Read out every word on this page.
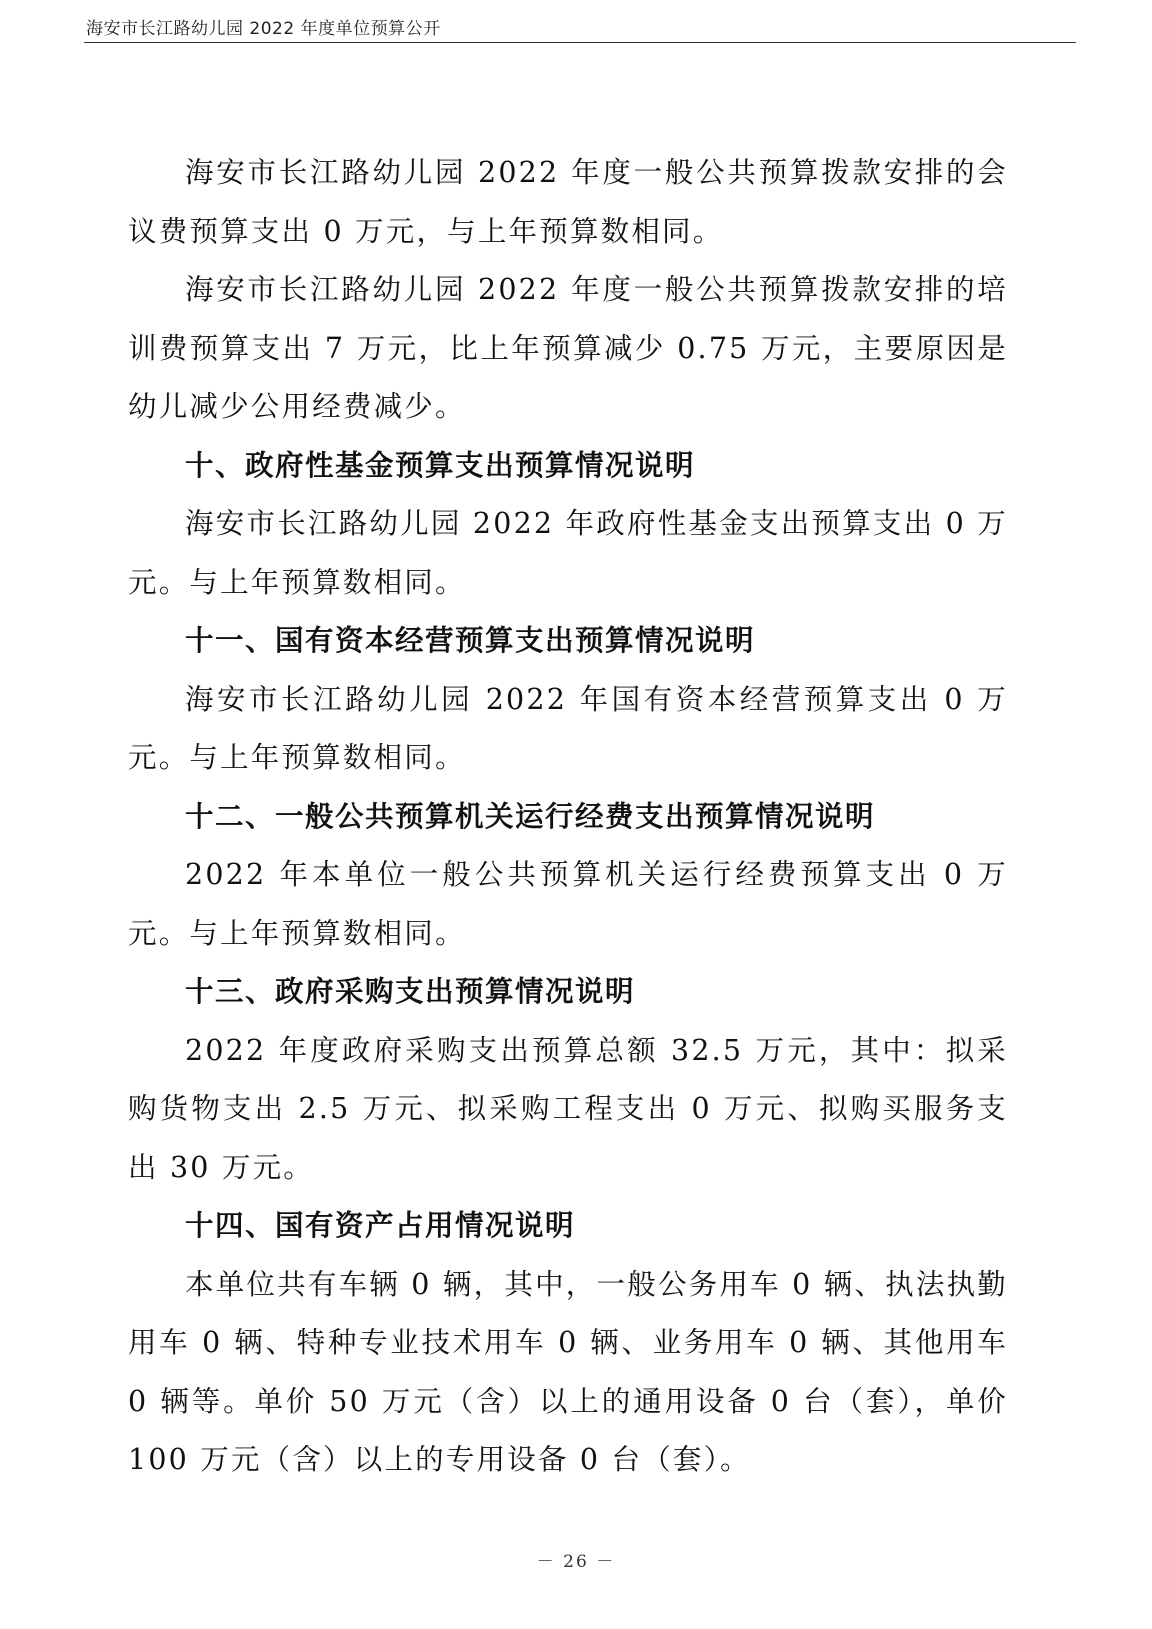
海安市长江路幼儿园 2022 年度单位预算公开

海安市长江路幼儿园 2022 年度一般公共预算拨款安排的会议费预算支出 0 万元，与上年预算数相同。

海安市长江路幼儿园 2022 年度一般公共预算拨款安排的培训费预算支出 7 万元，比上年预算减少 0.75 万元，主要原因是幼儿减少公用经费减少。

十、政府性基金预算支出预算情况说明

海安市长江路幼儿园 2022 年政府性基金支出预算支出 0 万元。与上年预算数相同。

十一、国有资本经营预算支出预算情况说明

海安市长江路幼儿园 2022 年国有资本经营预算支出 0 万元。与上年预算数相同。

十二、一般公共预算机关运行经费支出预算情况说明

2022 年本单位一般公共预算机关运行经费预算支出 0 万元。与上年预算数相同。

十三、政府采购支出预算情况说明

2022 年度政府采购支出预算总额 32.5 万元，其中：拟采购货物支出 2.5 万元、拟采购工程支出 0 万元、拟购买服务支出 30 万元。

十四、国有资产占用情况说明

本单位共有车辆 0 辆，其中，一般公务用车 0 辆、执法执勤用车 0 辆、特种专业技术用车 0 辆、业务用车 0 辆、其他用车 0 辆等。单价 50 万元（含）以上的通用设备 0 台（套），单价 100 万元（含）以上的专用设备 0 台（套）。

－ 26 －
